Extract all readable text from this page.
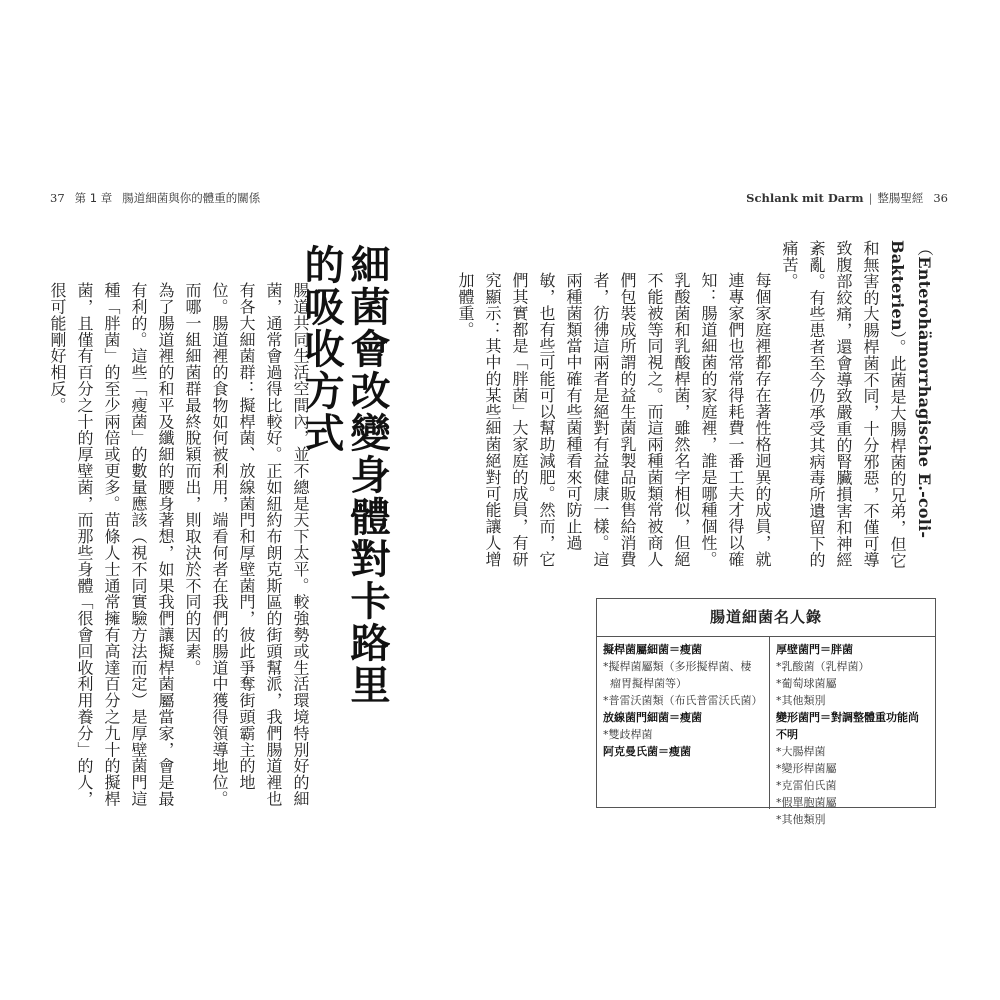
37 第 1 章 腸道細菌與你的體重的關係	Schlank mit Darm | 整腸聖經 36

（Enterohämorrhagische E.-coli-Bakterien）。此菌是大腸桿菌的兄弟，但它和無害的大腸桿菌不同，十分邪惡，不僅可導致腹部絞痛，還會導致嚴重的腎臟損害和神經紊亂。有些患者至今仍承受其病毒所遺留下的痛苦。

每個家庭裡都存在著性格迥異的成員，就連專家們也常常得耗費一番工夫才得以確知：腸道細菌的家庭裡，誰是哪種個性。乳酸菌和乳酸桿菌，雖然名字相似，但絕不能被等同視之。而這兩種菌類常被商人們包裝成所謂的益生菌乳製品販售給消費者，彷彿這兩者是絕對有益健康一樣。這兩種菌類當中確有些菌種看來可防止過敏，也有些可能可以幫助減肥。然而，它們其實都是「胖菌」大家庭的成員，有研究顯示：其中的某些細菌絕對可能讓人增加體重。

細菌會改變身體對卡路里的吸收方式

腸道共同生活空間內，並不總是天下太平。較強勢或生活環境特別好的細菌，通常會過得比較好。正如紐約布朗克斯區的街頭幫派，我們腸道裡也有各大細菌群：擬桿菌、放線菌門和厚壁菌門，彼此爭奪街頭霸主的地位。腸道裡的食物如何被利用，端看何者在我們的腸道中獲得領導地位。而哪一組細菌群最終脫穎而出，則取決於不同的因素。

為了腸道裡的和平及纖細的腰身著想，如果我們讓擬桿菌屬當家，會是最有利的。這些「瘦菌」的數量應該（視不同實驗方法而定）是厚壁菌門這種「胖菌」的至少兩倍或更多。苗條人士通常擁有高達百分之九十的擬桿菌，且僅有百分之十的厚壁菌，而那些身體「很會回收利用養分」的人，很可能剛好相反。

腸道細菌名人錄
擬桿菌屬細菌＝瘦菌
*擬桿菌屬類（多形擬桿菌、棲
瘤胃擬桿菌等）
*普雷沃菌類（布氏普雷沃氏菌）
放線菌門細菌＝瘦菌
*雙歧桿菌
阿克曼氏菌＝瘦菌
厚壁菌門＝胖菌
*乳酸菌（乳桿菌）
*葡萄球菌屬
*其他類別
變形菌門＝對調整體重功能尚不明
*大腸桿菌
*變形桿菌屬
*克雷伯氏菌
*假單胞菌屬
*其他類別
